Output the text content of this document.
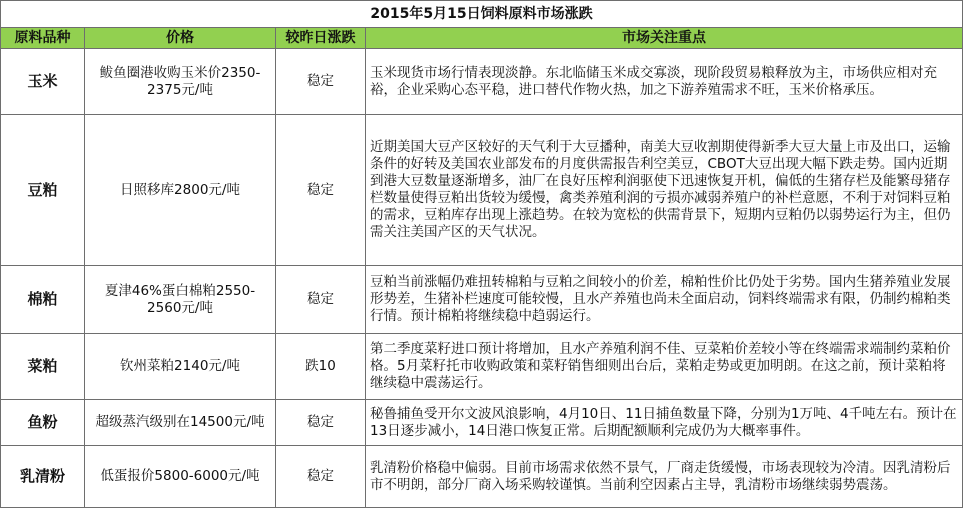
2015年5月15日饲料原料市场涨跌			
原料品种	价格	较昨日涨跌	市场关注重点
玉米	鲅鱼圈港收购玉米价2350-2375元/吨	稳定	玉米现货市场行情表现淡静。东北临储玉米成交寡淡，现阶段贸易粮释放为主，市场供应相对充裕，企业采购心态平稳，进口替代作物火热，加之下游养殖需求不旺，玉米价格承压。
豆粕	日照移库2800元/吨	稳定	近期美国大豆产区较好的天气利于大豆播种，南美大豆收割期使得新季大豆大量上市及出口，运输条件的好转及美国农业部发布的月度供需报告利空美豆，CBOT大豆出现大幅下跌走势。国内近期到港大豆数量逐渐增多，油厂在良好压榨利润驱使下迅速恢复开机，偏低的生猪存栏及能繁母猪存栏数量使得豆粕出货较为缓慢，禽类养殖利润的亏损亦减弱养殖户的补栏意愿，不利于对饲料豆粕的需求，豆粕库存出现上涨趋势。在较为宽松的供需背景下，短期内豆粕仍以弱势运行为主，但仍需关注美国产区的天气状况。
棉粕	夏津46%蛋白棉粕2550-2560元/吨	稳定	豆粕当前涨幅仍难扭转棉粕与豆粕之间较小的价差，棉粕性价比仍处于劣势。国内生猪养殖业发展形势差，生猪补栏速度可能较慢，且水产养殖也尚未全面启动，饲料终端需求有限，仍制约棉粕类行情。预计棉粕将继续稳中趋弱运行。
菜粕	钦州菜粕2140元/吨	跌10	第二季度菜籽进口预计将增加，且水产养殖利润不佳、豆菜粕价差较小等在终端需求端制约菜粕价格。5月菜籽托市收购政策和菜籽销售细则出台后，菜粕走势或更加明朗。在这之前，预计菜粕将继续稳中震荡运行。
鱼粉	超级蒸汽级别在14500元/吨	稳定	秘鲁捕鱼受开尔文波风浪影响，4月10日、11日捕鱼数量下降，分别为1万吨、4千吨左右。预计在13日逐步减小，14日港口恢复正常。后期配额顺利完成仍为大概率事件。
乳清粉	低蛋报价5800-6000元/吨	稳定	乳清粉价格稳中偏弱。目前市场需求依然不景气，厂商走货缓慢，市场表现较为冷清。因乳清粉后市不明朗，部分厂商入场采购较谨慎。当前利空因素占主导，乳清粉市场继续弱势震荡。
